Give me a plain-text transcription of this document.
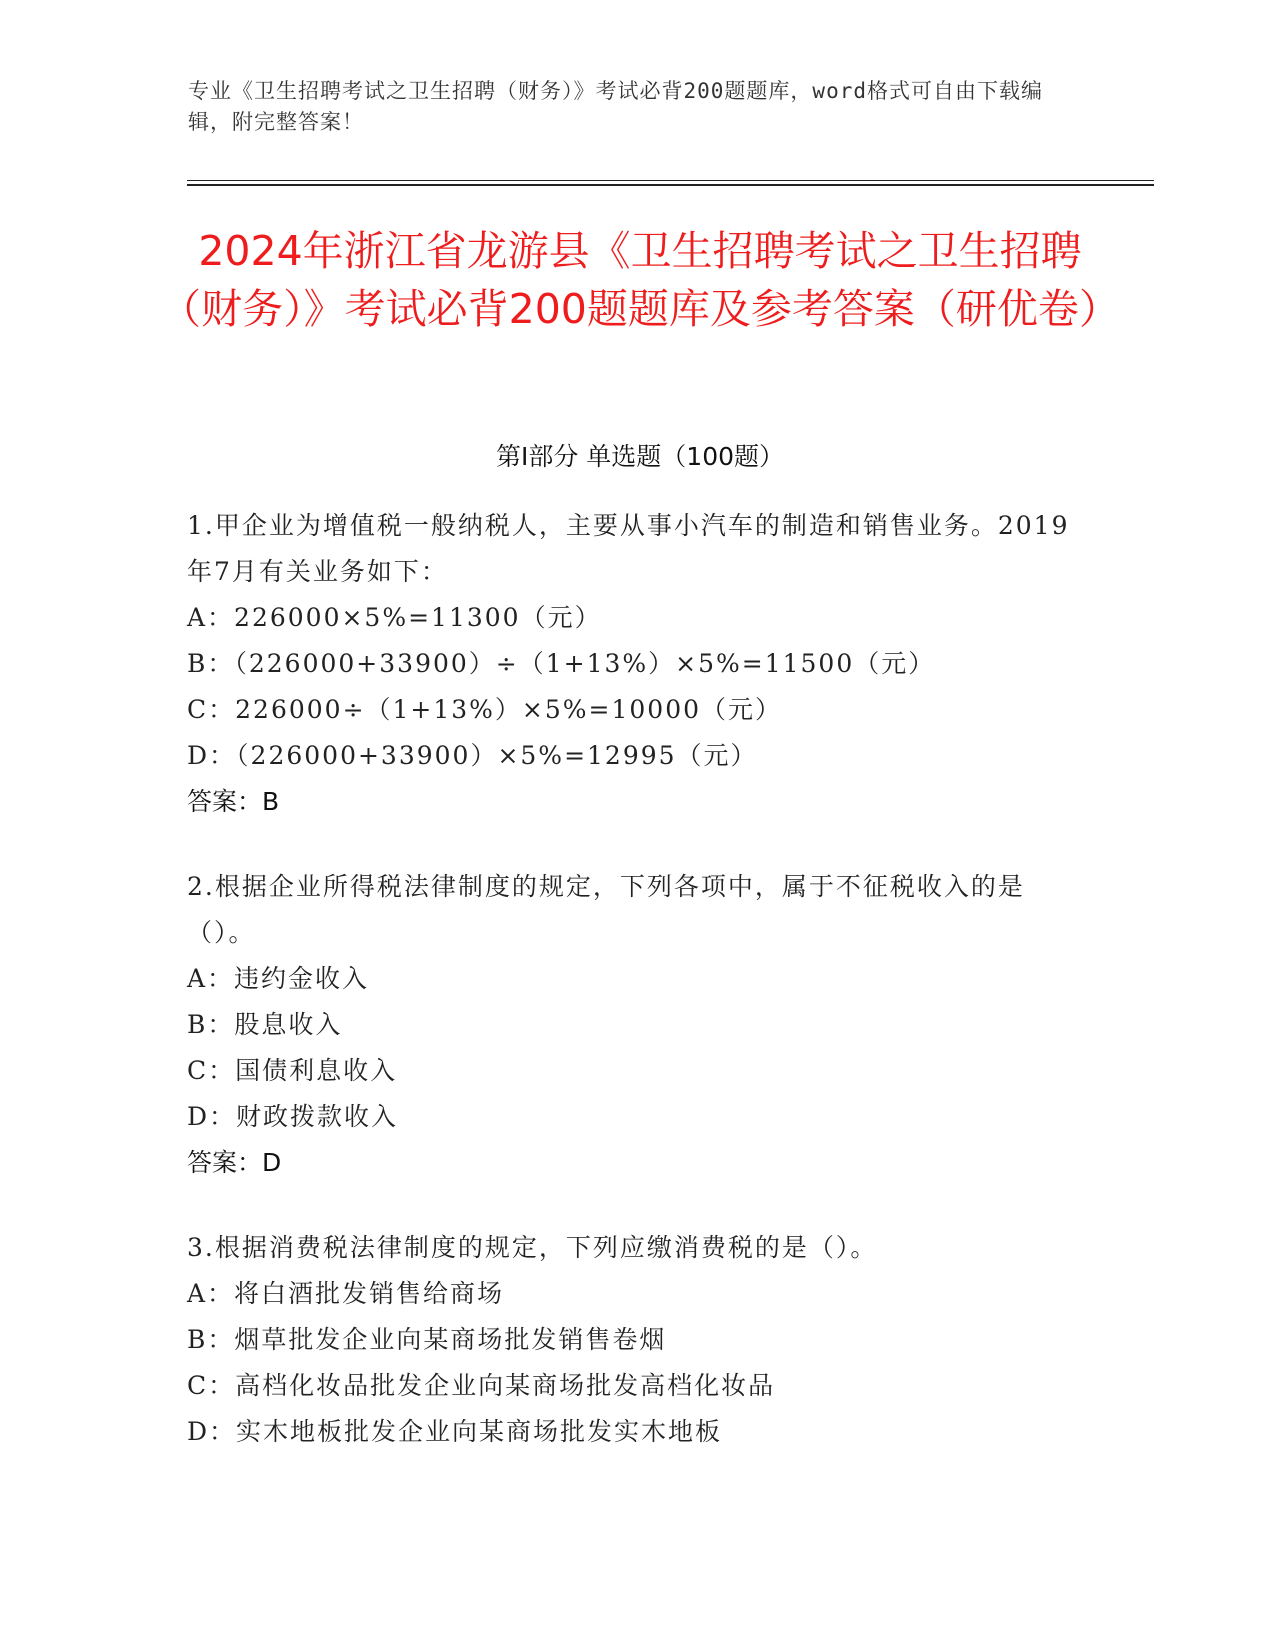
专业《卫生招聘考试之卫生招聘（财务）》考试必背200题题库，word格式可自由下载编辑，附完整答案！
2024年浙江省龙游县《卫生招聘考试之卫生招聘（财务）》考试必背200题题库及参考答案（研优卷）
第Ⅰ部分 单选题（100题）
1.甲企业为增值税一般纳税人，主要从事小汽车的制造和销售业务。2019年7月有关业务如下：
A：226000×5%=11300（元）
B：（226000+33900）÷（1+13%）×5%=11500（元）
C：226000÷（1+13%）×5%=10000（元）
D：（226000+33900）×5%=12995（元）
答案：B
2.根据企业所得税法律制度的规定，下列各项中，属于不征税收入的是（）。
A：违约金收入
B：股息收入
C：国债利息收入
D：财政拨款收入
答案：D
3.根据消费税法律制度的规定，下列应缴消费税的是（）。
A：将白酒批发销售给商场
B：烟草批发企业向某商场批发销售卷烟
C：高档化妆品批发企业向某商场批发高档化妆品
D：实木地板批发企业向某商场批发实木地板
